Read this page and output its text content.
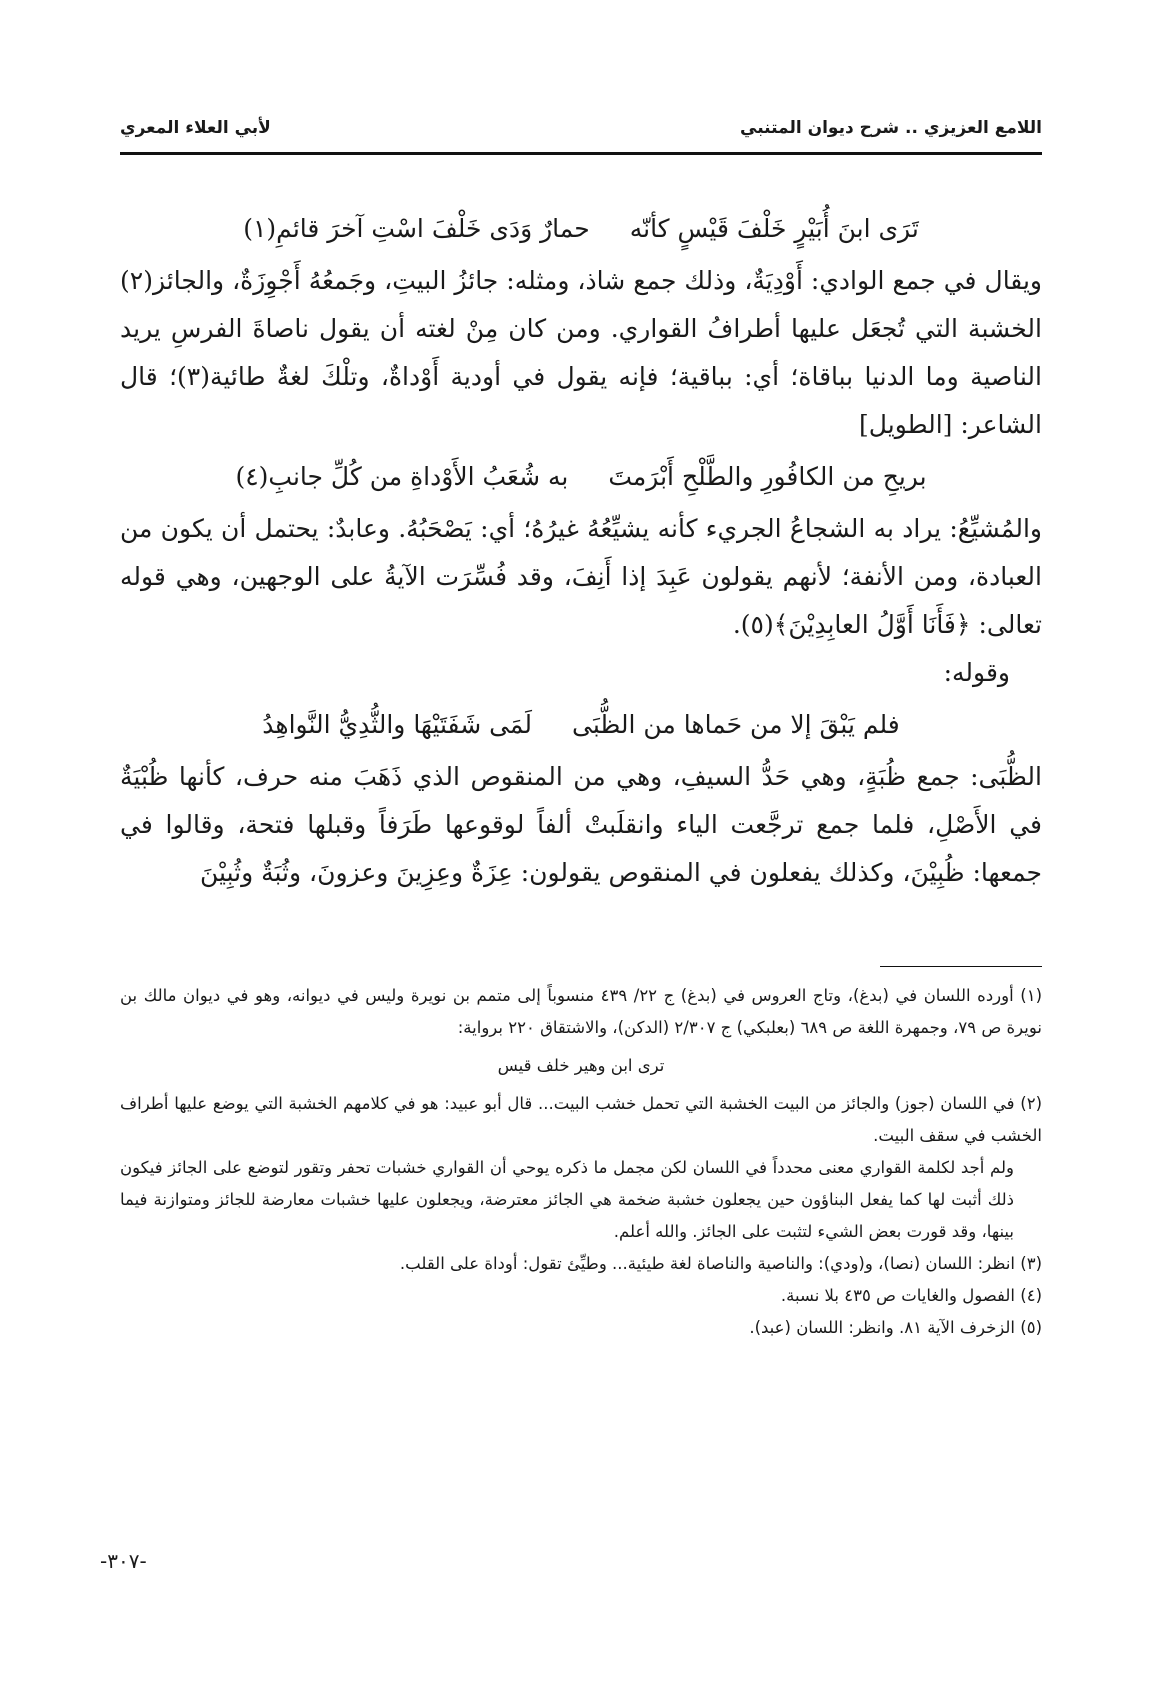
اللامع العزيزي .. شرح ديوان المتنبي
لأبي العلاء المعري
تَرَى ابنَ أُبَيْرٍ خَلْفَ قَيْسٍ كأنّه
حمارٌ وَدَى خَلْفَ اسْتِ آخرَ قائمِ(١)

ويقال في جمع الوادي: أَوْدِيَةٌ، وذلك جمع شاذ، ومثله: جائزُ البيتِ، وجَمعُهُ أَجْوِزَةٌ، والجائز(٢) الخشبة التي تُجعَل عليها أطرافُ القواري. ومن كان مِنْ لغته أن يقول ناصاةَ الفرسِ يريد الناصية وما الدنيا بباقاة؛ أي: بباقية؛ فإنه يقول في أودية أَوْداةٌ، وتلْكَ لغةٌ طائية(٣)؛ قال الشاعر: [الطويل]

بريحِ من الكافُورِ والطَّلْحِ أَبْرَمتَ
به شُعَبُ الأَوْداةِ من كُلِّ جانبِ(٤)

والمُشيِّعُ: يراد به الشجاعُ الجريء كأنه يشيِّعُهُ غيرُهُ؛ أي: يَصْحَبُهُ. وعابدٌ: يحتمل أن يكون من العبادة، ومن الأنفة؛ لأنهم يقولون عَبِدَ إذا أَنِفَ، وقد فُسِّرَت الآيةُ على الوجهين، وهي قوله تعالى: ﴿فَأَنَا أَوَّلُ العابِدِيْنَ﴾(٥).

وقوله:

فلم يَبْقَ إلا من حَماها من الظُّبَى
لَمَى شَفَتَيْهَا والثُّدِيُّ النَّواهِدُ

الظُّبَى: جمع ظُبَةٍ، وهي حَدُّ السيفِ، وهي من المنقوص الذي ذَهَبَ منه حرف، كأنها ظُبْيَةٌ في الأَصْلِ، فلما جمع ترجَّعت الياء وانقلَبتْ ألفاً لوقوعها طَرَفاً وقبلها فتحة، وقالوا في جمعها: ظُبِيْنَ، وكذلك يفعلون في المنقوص يقولون: عِزَةٌ وعِزِينَ وعزونَ، وثُبَةٌ وثُبِيْنَ

(١) أورده اللسان في (بدغ)، وتاج العروس في (بدغ) ج ٢٢/ ٤٣٩ منسوباً إلى متمم بن نويرة وليس في ديوانه، وهو في ديوان مالك بن نويرة ص ٧٩، وجمهرة اللغة ص ٦٨٩ (بعلبكي) ج ٢/٣٠٧ (الدكن)، والاشتقاق ٢٢٠ برواية:

ترى ابن وهير خلف قيس

(٢) في اللسان (جوز) والجائز من البيت الخشبة التي تحمل خشب البيت... قال أبو عبيد: هو في كلامهم الخشبة التي يوضع عليها أطراف الخشب في سقف البيت.

ولم أجد لكلمة القواري معنى محدداً في اللسان لكن مجمل ما ذكره يوحي أن القواري خشبات تحفر وتقور لتوضع على الجائز فيكون ذلك أثبت لها كما يفعل البناؤون حين يجعلون خشبة ضخمة هي الجائز معترضة، ويجعلون عليها خشبات معارضة للجائز ومتوازنة فيما بينها، وقد قورت بعض الشيء لتثبت على الجائز. والله أعلم.

(٣) انظر: اللسان (نصا)، و(ودي): والناصية والناصاة لغة طيئية... وطيِّئ تقول: أوداة على القلب.

(٤) الفصول والغايات ص ٤٣٥ بلا نسبة.

(٥) الزخرف الآية ٨١. وانظر: اللسان (عبد).

-٣٠٧-
